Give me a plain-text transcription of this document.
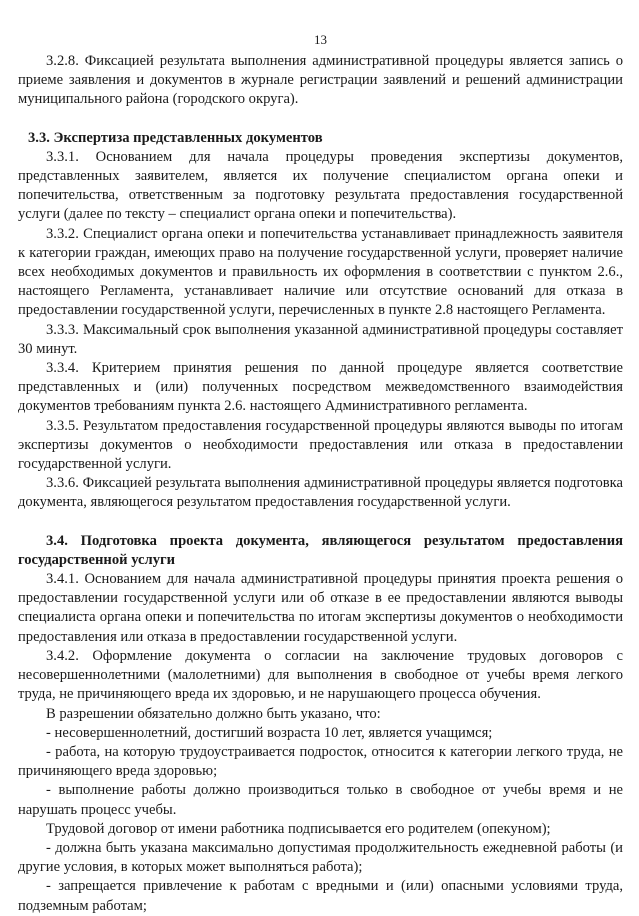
13

3.2.8. Фиксацией результата выполнения административной процедуры является запись о приеме заявления и документов в журнале регистрации заявлений и решений администрации муниципального района (городского округа).

3.3. Экспертиза представленных документов

3.3.1. Основанием для начала процедуры проведения экспертизы документов, представленных заявителем, является их получение специалистом органа опеки и попечительства, ответственным за подготовку результата предоставления государственной услуги (далее по тексту – специалист органа опеки и попечительства).

3.3.2. Специалист органа опеки и попечительства устанавливает принадлежность заявителя к категории граждан, имеющих право на получение государственной услуги, проверяет наличие всех необходимых документов и правильность их оформления в соответствии с пунктом 2.6., настоящего Регламента, устанавливает наличие или отсутствие оснований для отказа в предоставлении государственной услуги, перечисленных в пункте 2.8 настоящего Регламента.

3.3.3. Максимальный срок выполнения указанной административной процедуры составляет 30 минут.

3.3.4. Критерием принятия решения по данной процедуре является соответствие представленных и (или) полученных посредством межведомственного взаимодействия документов требованиям пункта 2.6. настоящего Административного регламента.

3.3.5. Результатом предоставления государственной процедуры являются выводы по итогам экспертизы документов о необходимости предоставления или отказа в предоставлении государственной услуги.

3.3.6. Фиксацией результата выполнения административной процедуры является подготовка документа, являющегося результатом предоставления государственной услуги.

3.4. Подготовка проекта документа, являющегося результатом предоставления государственной услуги

3.4.1. Основанием для начала административной процедуры принятия проекта решения о предоставлении государственной услуги или об отказе в ее предоставлении являются выводы специалиста органа опеки и попечительства по итогам экспертизы документов о необходимости предоставления или отказа в предоставлении государственной услуги.

3.4.2. Оформление документа о согласии на заключение трудовых договоров с несовершеннолетними (малолетними) для выполнения в свободное от учебы время легкого труда, не причиняющего вреда их здоровью, и не нарушающего процесса обучения.

В разрешении обязательно должно быть указано, что:

- несовершеннолетний, достигший возраста 10 лет, является учащимся;

- работа, на которую трудоустраивается подросток, относится к категории легкого труда, не причиняющего вреда здоровью;

- выполнение работы должно производиться только в свободное от учебы время и не нарушать процесс учебы.

Трудовой договор от имени работника подписывается его родителем (опекуном);

- должна быть указана максимально допустимая продолжительность ежедневной работы (и другие условия, в которых может выполняться работа);

- запрещается привлечение к работам с вредными и (или) опасными условиями труда, подземным работам;
